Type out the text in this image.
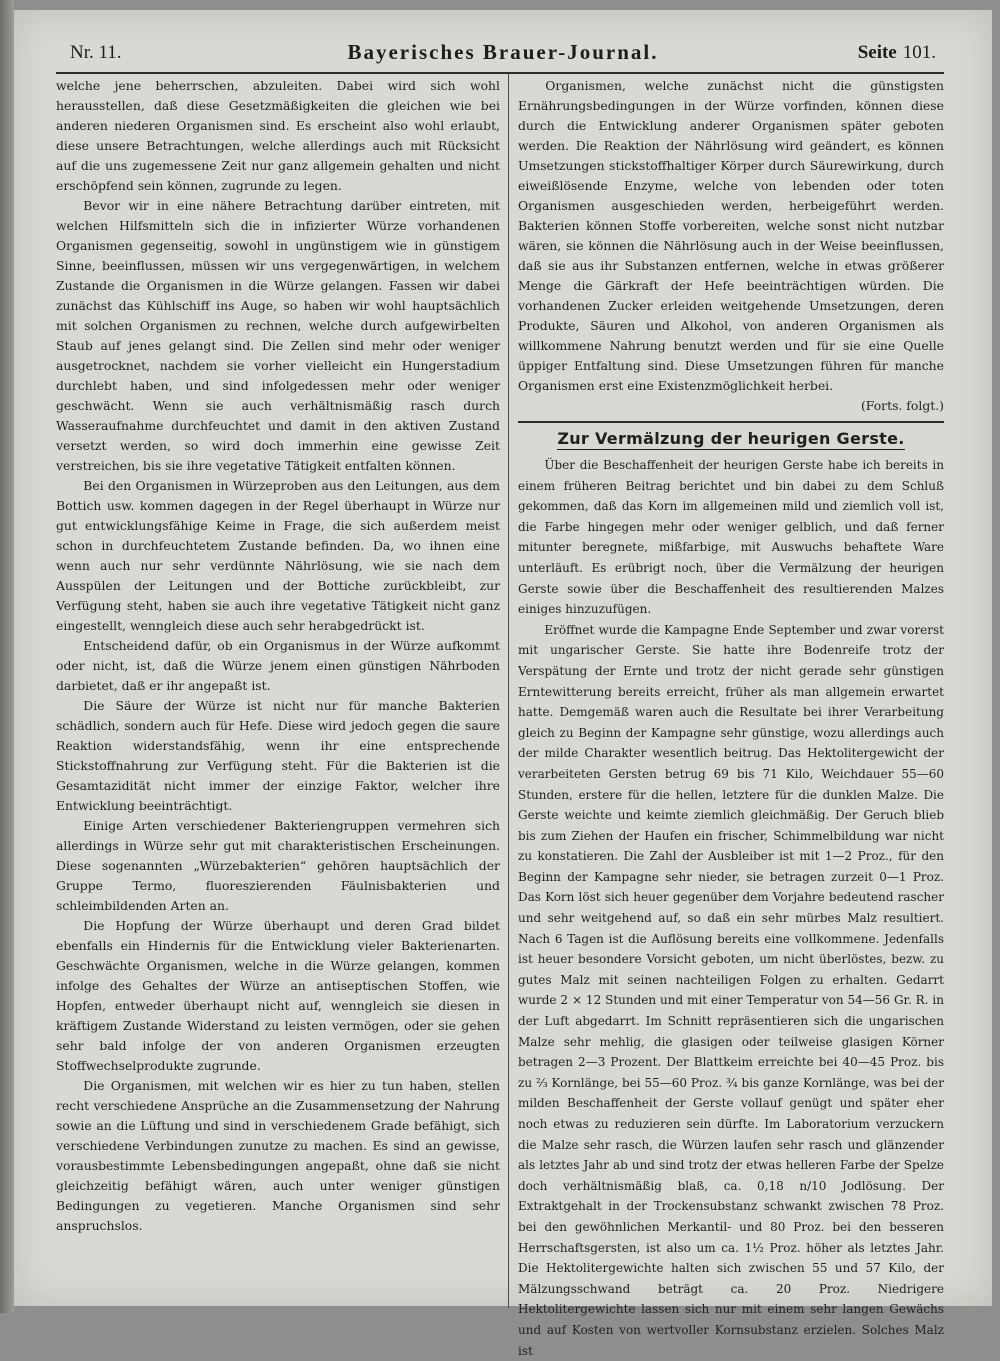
Nr. 11.	Bayerisches Brauer-Journal.	Seite 101.

welche jene beherrschen, abzuleiten. Dabei wird sich wohl herausstellen, daß diese Gesetzmäßigkeiten die gleichen wie bei anderen niederen Organismen sind. Es erscheint also wohl erlaubt, diese unsere Betrachtungen, welche allerdings auch mit Rücksicht auf die uns zugemessene Zeit nur ganz allgemein gehalten und nicht erschöpfend sein können, zugrunde zu legen.

Bevor wir in eine nähere Betrachtung darüber eintreten, mit welchen Hilfsmitteln sich die in infizierter Würze vorhandenen Organismen gegenseitig, sowohl in ungünstigem wie in günstigem Sinne, beeinflussen, müssen wir uns vergegenwärtigen, in welchem Zustande die Organismen in die Würze gelangen. Fassen wir dabei zunächst das Kühlschiff ins Auge, so haben wir wohl hauptsächlich mit solchen Organismen zu rechnen, welche durch aufgewirbelten Staub auf jenes gelangt sind. Die Zellen sind mehr oder weniger ausgetrocknet, nachdem sie vorher vielleicht ein Hungerstadium durchlebt haben, und sind infolgedessen mehr oder weniger geschwächt. Wenn sie auch verhältnismäßig rasch durch Wasseraufnahme durchfeuchtet und damit in den aktiven Zustand versetzt werden, so wird doch immerhin eine gewisse Zeit verstreichen, bis sie ihre vegetative Tätigkeit entfalten können.

Bei den Organismen in Würzeproben aus den Leitungen, aus dem Bottich usw. kommen dagegen in der Regel überhaupt in Würze nur gut entwicklungsfähige Keime in Frage, die sich außerdem meist schon in durchfeuchtetem Zustande befinden. Da, wo ihnen eine wenn auch nur sehr verdünnte Nährlösung, wie sie nach dem Ausspülen der Leitungen und der Bottiche zurückbleibt, zur Verfügung steht, haben sie auch ihre vegetative Tätigkeit nicht ganz eingestellt, wenngleich diese auch sehr herabgedrückt ist.

Entscheidend dafür, ob ein Organismus in der Würze aufkommt oder nicht, ist, daß die Würze jenem einen günstigen Nährboden darbietet, daß er ihr angepaßt ist.

Die Säure der Würze ist nicht nur für manche Bakterien schädlich, sondern auch für Hefe. Diese wird jedoch gegen die saure Reaktion widerstandsfähig, wenn ihr eine entsprechende Stickstoffnahrung zur Verfügung steht. Für die Bakterien ist die Gesamtazidität nicht immer der einzige Faktor, welcher ihre Entwicklung beeinträchtigt.

Einige Arten verschiedener Bakteriengruppen vermehren sich allerdings in Würze sehr gut mit charakteristischen Erscheinungen. Diese sogenannten „Würzebakterien“ gehören hauptsächlich der Gruppe Termo, fluoreszierenden Fäulnisbakterien und schleimbildenden Arten an.

Die Hopfung der Würze überhaupt und deren Grad bildet ebenfalls ein Hindernis für die Entwicklung vieler Bakterienarten. Geschwächte Organismen, welche in die Würze gelangen, kommen infolge des Gehaltes der Würze an antiseptischen Stoffen, wie Hopfen, entweder überhaupt nicht auf, wenngleich sie diesen in kräftigem Zustande Widerstand zu leisten vermögen, oder sie gehen sehr bald infolge der von anderen Organismen erzeugten Stoffwechselprodukte zugrunde.

Die Organismen, mit welchen wir es hier zu tun haben, stellen recht verschiedene Ansprüche an die Zusammensetzung der Nahrung sowie an die Lüftung und sind in verschiedenem Grade befähigt, sich verschiedene Verbindungen zunutze zu machen. Es sind an gewisse, vorausbestimmte Lebensbedingungen angepaßt, ohne daß sie nicht gleichzeitig befähigt wären, auch unter weniger günstigen Bedingungen zu vegetieren. Manche Organismen sind sehr anspruchslos.

Organismen, welche zunächst nicht die günstigsten Ernährungsbedingungen in der Würze vorfinden, können diese durch die Entwicklung anderer Organismen später geboten werden. Die Reaktion der Nährlösung wird geändert, es können Umsetzungen stickstoffhaltiger Körper durch Säurewirkung, durch eiweißlösende Enzyme, welche von lebenden oder toten Organismen ausgeschieden werden, herbeigeführt werden. Bakterien können Stoffe vorbereiten, welche sonst nicht nutzbar wären, sie können die Nährlösung auch in der Weise beeinflussen, daß sie aus ihr Substanzen entfernen, welche in etwas größerer Menge die Gärkraft der Hefe beeinträchtigen würden. Die vorhandenen Zucker erleiden weitgehende Umsetzungen, deren Produkte, Säuren und Alkohol, von anderen Organismen als willkommene Nahrung benutzt werden und für sie eine Quelle üppiger Entfaltung sind. Diese Umsetzungen führen für manche Organismen erst eine Existenzmöglichkeit herbei.

(Forts. folgt.)
Zur Vermälzung der heurigen Gerste.

Über die Beschaffenheit der heurigen Gerste habe ich bereits in einem früheren Beitrag berichtet und bin dabei zu dem Schluß gekommen, daß das Korn im allgemeinen mild und ziemlich voll ist, die Farbe hingegen mehr oder weniger gelblich, und daß ferner mitunter beregnete, mißfarbige, mit Auswuchs behaftete Ware unterläuft. Es erübrigt noch, über die Vermälzung der heurigen Gerste sowie über die Beschaffenheit des resultierenden Malzes einiges hinzuzufügen.

Eröffnet wurde die Kampagne Ende September und zwar vorerst mit ungarischer Gerste. Sie hatte ihre Bodenreife trotz der Verspätung der Ernte und trotz der nicht gerade sehr günstigen Erntewitterung bereits erreicht, früher als man allgemein erwartet hatte. Demgemäß waren auch die Resultate bei ihrer Verarbeitung gleich zu Beginn der Kampagne sehr günstige, wozu allerdings auch der milde Charakter wesentlich beitrug. Das Hektolitergewicht der verarbeiteten Gersten betrug 69 bis 71 Kilo, Weichdauer 55—60 Stunden, erstere für die hellen, letztere für die dunklen Malze. Die Gerste weichte und keimte ziemlich gleichmäßig. Der Geruch blieb bis zum Ziehen der Haufen ein frischer, Schimmelbildung war nicht zu konstatieren. Die Zahl der Ausbleiber ist mit 1—2 Proz., für den Beginn der Kampagne sehr nieder, sie betragen zurzeit 0—1 Proz. Das Korn löst sich heuer gegenüber dem Vorjahre bedeutend rascher und sehr weitgehend auf, so daß ein sehr mürbes Malz resultiert. Nach 6 Tagen ist die Auflösung bereits eine vollkommene. Jedenfalls ist heuer besondere Vorsicht geboten, um nicht überlöstes, bezw. zu gutes Malz mit seinen nachteiligen Folgen zu erhalten. Gedarrt wurde 2 × 12 Stunden und mit einer Temperatur von 54—56 Gr. R. in der Luft abgedarrt. Im Schnitt repräsentieren sich die ungarischen Malze sehr mehlig, die glasigen oder teilweise glasigen Körner betragen 2—3 Prozent. Der Blattkeim erreichte bei 40—45 Proz. bis zu ⅔ Kornlänge, bei 55—60 Proz. ¾ bis ganze Kornlänge, was bei der milden Beschaffenheit der Gerste vollauf genügt und später eher noch etwas zu reduzieren sein dürfte. Im Laboratorium verzuckern die Malze sehr rasch, die Würzen laufen sehr rasch und glänzender als letztes Jahr ab und sind trotz der etwas helleren Farbe der Spelze doch verhältnismäßig blaß, ca. 0,18 n/10 Jodlösung. Der Extraktgehalt in der Trockensubstanz schwankt zwischen 78 Proz. bei den gewöhnlichen Merkantil- und 80 Proz. bei den besseren Herrschaftsgersten, ist also um ca. 1½ Proz. höher als letztes Jahr. Die Hektolitergewichte halten sich zwischen 55 und 57 Kilo, der Mälzungsschwand beträgt ca. 20 Proz. Niedrigere Hektolitergewichte lassen sich nur mit einem sehr langen Gewächs und auf Kosten von wertvoller Kornsubstanz erzielen. Solches Malz ist
